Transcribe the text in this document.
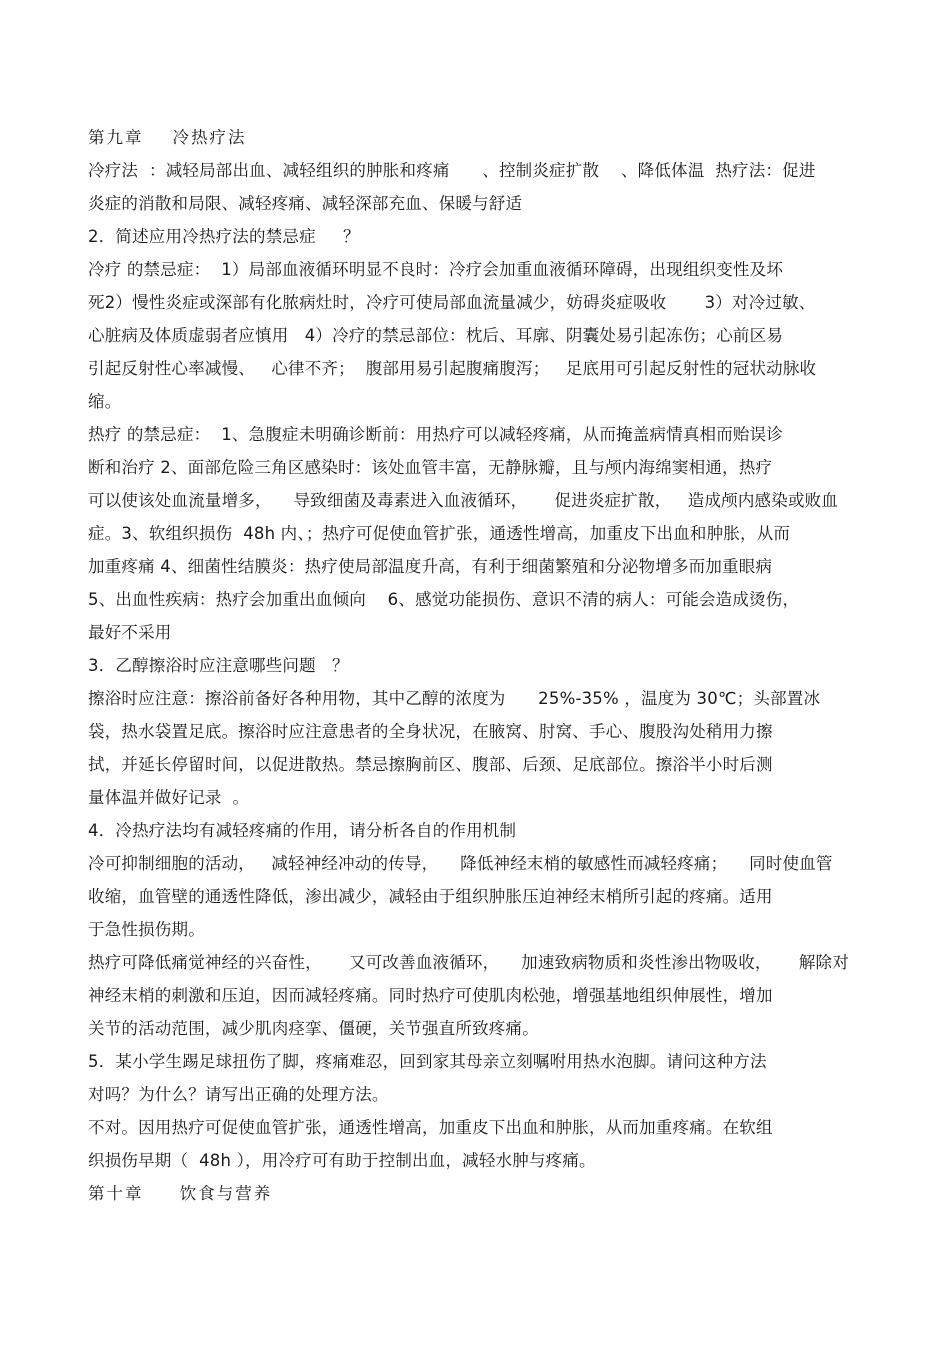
第九章    冷热疗法
冷疗法  ：减轻局部出血、减轻组织的肿胀和疼痛      、控制炎症扩散    、降低体温  热疗法：促进
炎症的消散和局限、减轻疼痛、减轻深部充血、保暖与舒适
2．简述应用冷热疗法的禁忌症     ？
冷疗 的禁忌症：  1）局部血液循环明显不良时：冷疗会加重血液循环障碍，出现组织变性及坏
死2）慢性炎症或深部有化脓病灶时，冷疗可使局部血流量减少，妨碍炎症吸收       3）对冷过敏、
心脏病及体质虚弱者应慎用   4）冷疗的禁忌部位：枕后、耳廓、阴囊处易引起冻伤；心前区易
引起反射性心率减慢、   心律不齐；  腹部用易引起腹痛腹泻；   足底用可引起反射性的冠状动脉收
缩。
热疗 的禁忌症：  1、急腹症未明确诊断前：用热疗可以减轻疼痛，从而掩盖病情真相而贻误诊
断和治疗 2、面部危险三角区感染时：该处血管丰富，无静脉瓣，且与颅内海绵窦相通，热疗
可以使该处血流量增多，    导致细菌及毒素进入血液循环，     促进炎症扩散，   造成颅内感染或败血
症。3、软组织损伤  48h 内、；热疗可促使血管扩张，通透性增高，加重皮下出血和肿胀，从而
加重疼痛 4、细菌性结膜炎：热疗使局部温度升高，有利于细菌繁殖和分泌物增多而加重眼病
5、出血性疾病：热疗会加重出血倾向    6、感觉功能损伤、意识不清的病人：可能会造成烫伤，
最好不采用
3．乙醇擦浴时应注意哪些问题   ？
擦浴时应注意：擦浴前备好各种用物，其中乙醇的浓度为      25%-35% ，温度为 30℃；头部置冰
袋，热水袋置足底。擦浴时应注意患者的全身状况，在腋窝、肘窝、手心、腹股沟处稍用力擦
拭，并延长停留时间，以促进散热。禁忌擦胸前区、腹部、后颈、足底部位。擦浴半小时后测
量体温并做好记录  。
4．冷热疗法均有减轻疼痛的作用，请分析各自的作用机制
冷可抑制细胞的活动，   减轻神经冲动的传导，    降低神经末梢的敏感性而减轻疼痛；    同时使血管
收缩，血管壁的通透性降低，渗出减少，减轻由于组织肿胀压迫神经末梢所引起的疼痛。适用
于急性损伤期。
热疗可降低痛觉神经的兴奋性，     又可改善血液循环，    加速致病物质和炎性渗出物吸收，     解除对
神经末梢的刺激和压迫，因而减轻疼痛。同时热疗可使肌肉松弛，增强基地组织伸展性，增加
关节的活动范围，减少肌肉痉挛、僵硬，关节强直所致疼痛。
5．某小学生踢足球扭伤了脚，疼痛难忍，回到家其母亲立刻嘱咐用热水泡脚。请问这种方法
对吗？为什么？请写出正确的处理方法。
不对。因用热疗可促使血管扩张，通透性增高，加重皮下出血和肿胀，从而加重疼痛。在软组
织损伤早期（  48h ），用冷疗可有助于控制出血，减轻水肿与疼痛。
第十章     饮食与营养
